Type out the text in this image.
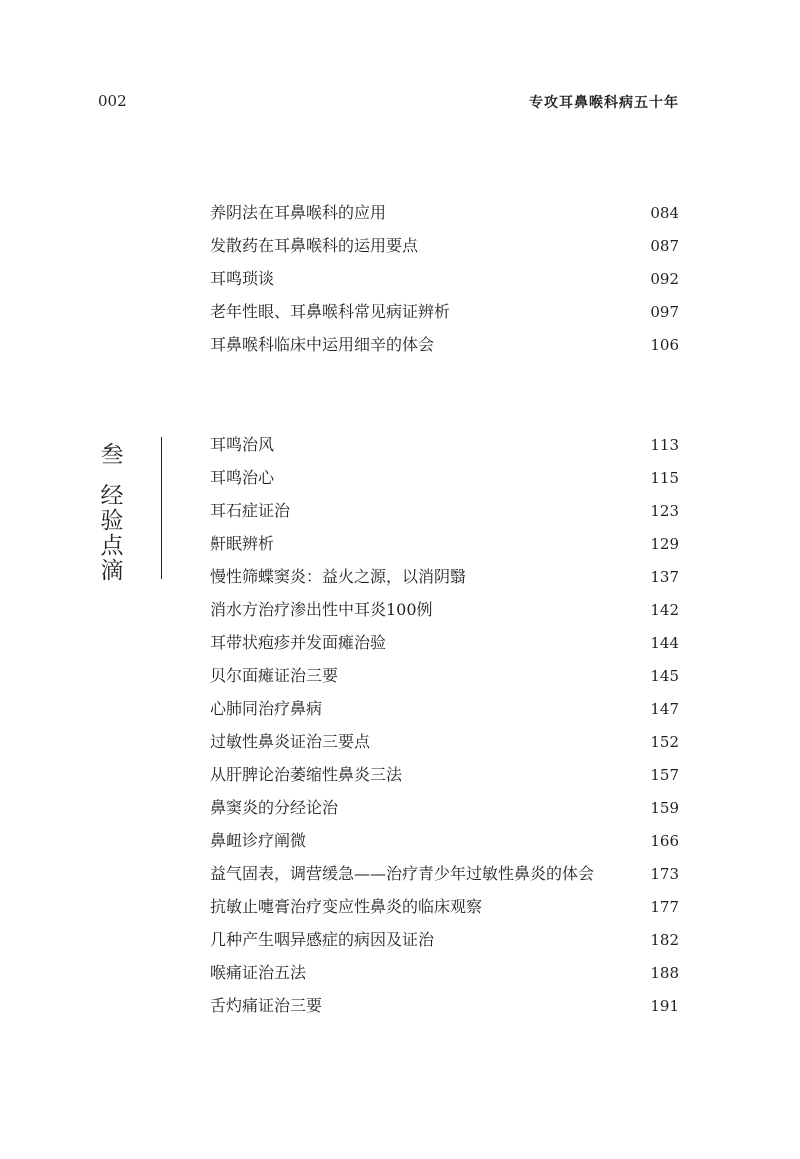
002	专攻耳鼻喉科病五十年
养阴法在耳鼻喉科的应用	084
发散药在耳鼻喉科的运用要点	087
耳鸣琐谈	092
老年性眼、耳鼻喉科常见病证辨析	097
耳鼻喉科临床中运用细辛的体会	106
叁
经验点滴
耳鸣治风	113
耳鸣治心	115
耳石症证治	123
鼾眠辨析	129
慢性筛蝶窦炎：益火之源，以消阴翳	137
消水方治疗渗出性中耳炎100例	142
耳带状疱疹并发面瘫治验	144
贝尔面瘫证治三要	145
心肺同治疗鼻病	147
过敏性鼻炎证治三要点	152
从肝脾论治萎缩性鼻炎三法	157
鼻窦炎的分经论治	159
鼻衄诊疗阐微	166
益气固表，调营缓急——治疗青少年过敏性鼻炎的体会	173
抗敏止嚏膏治疗变应性鼻炎的临床观察	177
几种产生咽异感症的病因及证治	182
喉痛证治五法	188
舌灼痛证治三要	191
